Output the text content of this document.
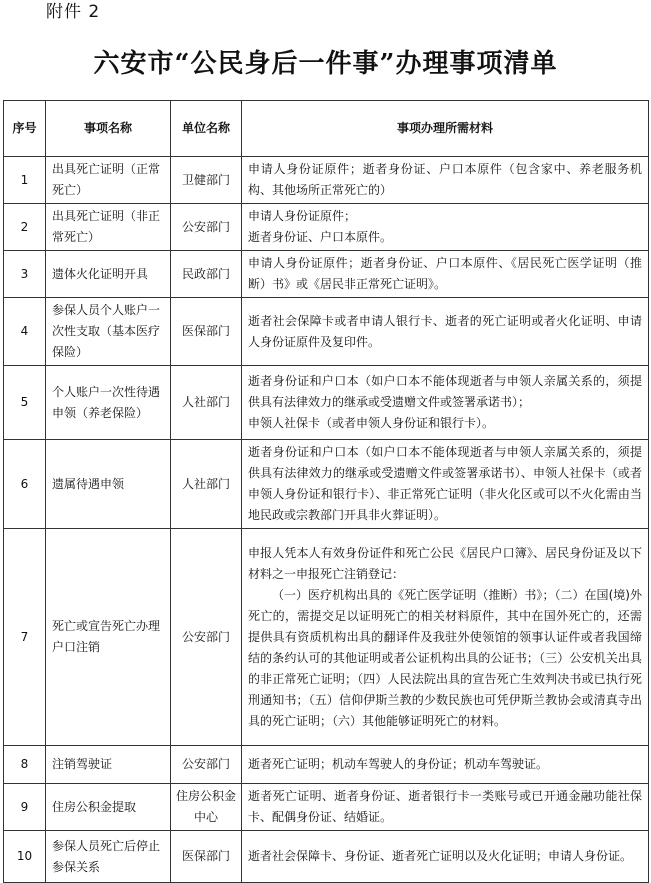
附件 2
六安市“公民身后一件事”办理事项清单
序号	事项名称	单位名称	事项办理所需材料
1	出具死亡证明（正常死亡）	卫健部门	申请人身份证原件；逝者身份证、户口本原件（包含家中、养老服务机构、其他场所正常死亡的）

2	出具死亡证明（非正常死亡）	公安部门	申请人身份证原件；
逝者身份证、户口本原件。

3	遗体火化证明开具	民政部门	申请人身份证原件；逝者身份证、户口本原件、《居民死亡医学证明（推断）书》或《居民非正常死亡证明》。

4	参保人员个人账户一次性支取（基本医疗保险）	医保部门	逝者社会保障卡或者申请人银行卡、逝者的死亡证明或者火化证明、申请人身份证原件及复印件。

5	个人账户一次性待遇申领（养老保险）	人社部门	逝者身份证和户口本（如户口本不能体现逝者与申领人亲属关系的，须提供具有法律效力的继承或受遗赠文件或签署承诺书）；
申领人社保卡（或者申领人身份证和银行卡）。

6	遗属待遇申领	人社部门	逝者身份证和户口本（如户口本不能体现逝者与申领人亲属关系的，须提供具有法律效力的继承或受遗赠文件或签署承诺书）、申领人社保卡（或者申领人身份证和银行卡）、非正常死亡证明（非火化区或可以不火化需由当地民政或宗教部门开具非火葬证明）。

7	死亡或宣告死亡办理户口注销	公安部门	申报人凭本人有效身份证件和死亡公民《居民户口簿》、居民身份证及以下材料之一申报死亡注销登记：
（一）医疗机构出具的《死亡医学证明（推断）书》；（二）在国(境)外死亡的，需提交足以证明死亡的相关材料原件，其中在国外死亡的，还需提供具有资质机构出具的翻译件及我驻外使领馆的领事认证件或者我国缔结的条约认可的其他证明或者公证机构出具的公证书；（三）公安机关出具的非正常死亡证明；（四）人民法院出具的宣告死亡生效判决书或已执行死刑通知书；（五）信仰伊斯兰教的少数民族也可凭伊斯兰教协会或清真寺出具的死亡证明；（六）其他能够证明死亡的材料。

8	注销驾驶证	公安部门	逝者死亡证明；机动车驾驶人的身份证；机动车驾驶证。

9	住房公积金提取	住房公积金中心	逝者死亡证明、逝者身份证、逝者银行卡一类账号或已开通金融功能社保卡、配偶身份证、结婚证。

10	参保人员死亡后停止参保关系	医保部门	逝者社会保障卡、身份证、逝者死亡证明以及火化证明；申请人身份证。
